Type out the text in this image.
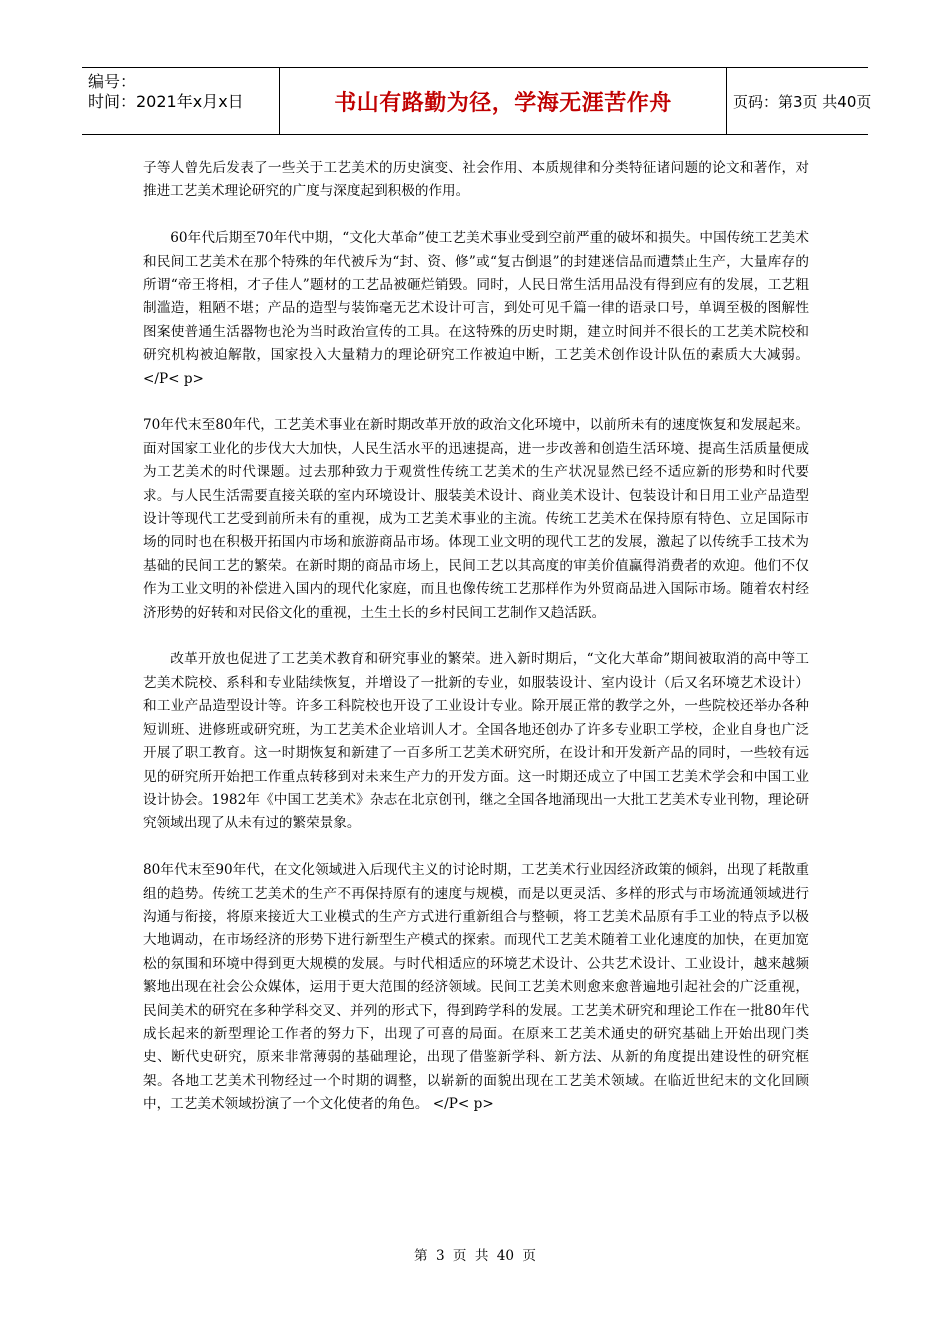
编号：
时间：2021年x月x日	书山有路勤为径，学海无涯苦作舟	页码：第3页 共40页

子等人曾先后发表了一些关于工艺美术的历史演变、社会作用、本质规律和分类特征诸问题的论文和著作，对推进工艺美术理论研究的广度与深度起到积极的作用。

60年代后期至70年代中期，“文化大革命”使工艺美术事业受到空前严重的破坏和损失。中国传统工艺美术和民间工艺美术在那个特殊的年代被斥为“封、资、修”或“复古倒退”的封建迷信品而遭禁止生产，大量库存的所谓“帝王将相，才子佳人”题材的工艺品被砸烂销毁。同时，人民日常生活用品没有得到应有的发展，工艺粗制滥造，粗陋不堪；产品的造型与装饰毫无艺术设计可言，到处可见千篇一律的语录口号，单调至极的图解性图案使普通生活器物也沦为当时政治宣传的工具。在这特殊的历史时期，建立时间并不很长的工艺美术院校和研究机构被迫解散，国家投入大量精力的理论研究工作被迫中断，工艺美术创作设计队伍的素质大大减弱。</P< p>

70年代末至80年代，工艺美术事业在新时期改革开放的政治文化环境中，以前所未有的速度恢复和发展起来。面对国家工业化的步伐大大加快，人民生活水平的迅速提高，进一步改善和创造生活环境、提高生活质量便成为工艺美术的时代课题。过去那种致力于观赏性传统工艺美术的生产状况显然已经不适应新的形势和时代要求。与人民生活需要直接关联的室内环境设计、服装美术设计、商业美术设计、包装设计和日用工业产品造型设计等现代工艺受到前所未有的重视，成为工艺美术事业的主流。传统工艺美术在保持原有特色、立足国际市场的同时也在积极开拓国内市场和旅游商品市场。体现工业文明的现代工艺的发展，激起了以传统手工技术为基础的民间工艺的繁荣。在新时期的商品市场上，民间工艺以其高度的审美价值赢得消费者的欢迎。他们不仅作为工业文明的补偿进入国内的现代化家庭，而且也像传统工艺那样作为外贸商品进入国际市场。随着农村经济形势的好转和对民俗文化的重视，土生土长的乡村民间工艺制作又趋活跃。

改革开放也促进了工艺美术教育和研究事业的繁荣。进入新时期后，“文化大革命”期间被取消的高中等工艺美术院校、系科和专业陆续恢复，并增设了一批新的专业，如服装设计、室内设计（后又名环境艺术设计）和工业产品造型设计等。许多工科院校也开设了工业设计专业。除开展正常的教学之外，一些院校还举办各种短训班、进修班或研究班，为工艺美术企业培训人才。全国各地还创办了许多专业职工学校，企业自身也广泛开展了职工教育。这一时期恢复和新建了一百多所工艺美术研究所，在设计和开发新产品的同时，一些较有远见的研究所开始把工作重点转移到对未来生产力的开发方面。这一时期还成立了中国工艺美术学会和中国工业设计协会。1982年《中国工艺美术》杂志在北京创刊，继之全国各地涌现出一大批工艺美术专业刊物，理论研究领域出现了从未有过的繁荣景象。

80年代末至90年代，在文化领域进入后现代主义的讨论时期，工艺美术行业因经济政策的倾斜，出现了耗散重组的趋势。传统工艺美术的生产不再保持原有的速度与规模，而是以更灵活、多样的形式与市场流通领域进行沟通与衔接，将原来接近大工业模式的生产方式进行重新组合与整顿，将工艺美术品原有手工业的特点予以极大地调动，在市场经济的形势下进行新型生产模式的探索。而现代工艺美术随着工业化速度的加快，在更加宽松的氛围和环境中得到更大规模的发展。与时代相适应的环境艺术设计、公共艺术设计、工业设计，越来越频繁地出现在社会公众媒体，运用于更大范围的经济领域。民间工艺美术则愈来愈普遍地引起社会的广泛重视，民间美术的研究在多种学科交叉、并列的形式下，得到跨学科的发展。工艺美术研究和理论工作在一批80年代成长起来的新型理论工作者的努力下，出现了可喜的局面。在原来工艺美术通史的研究基础上开始出现门类史、断代史研究，原来非常薄弱的基础理论，出现了借鉴新学科、新方法、从新的角度提出建设性的研究框架。各地工艺美术刊物经过一个时期的调整，以崭新的面貌出现在工艺美术领域。在临近世纪末的文化回顾中，工艺美术领域扮演了一个文化使者的角色。 </P< p>

第 3 页 共 40 页
